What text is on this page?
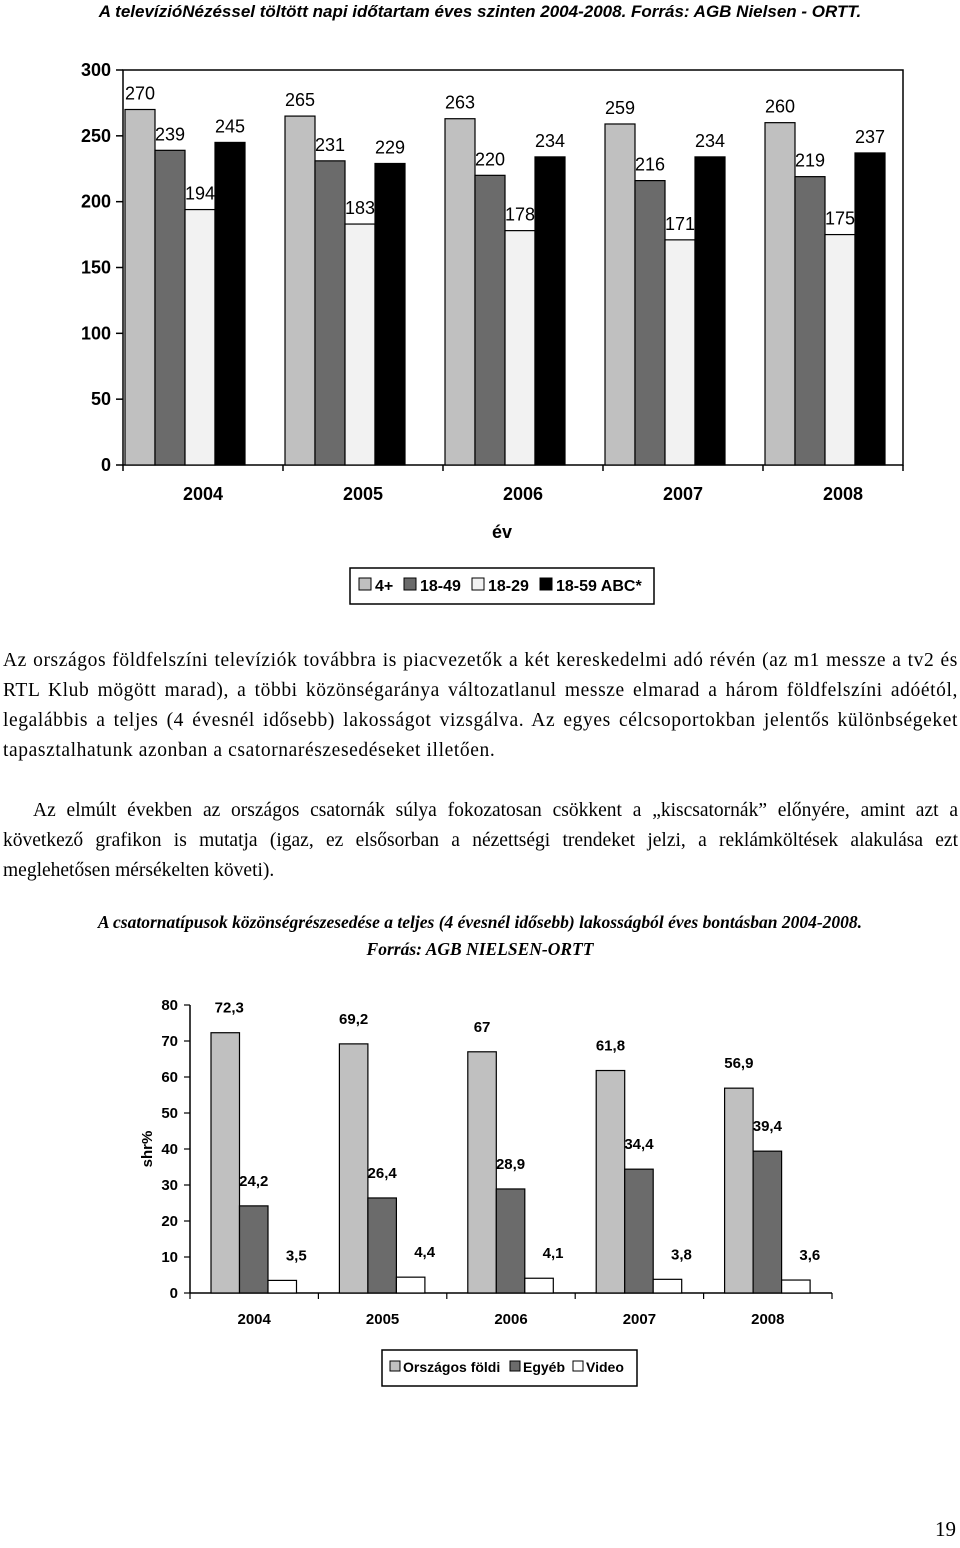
A televízióNézéssel töltött napi időtartam éves szinten 2004-2008. Forrás: AGB Nielsen - ORTT.
0
50
100
150
200
250
300
2004
270
239
194
245
2005
265
231
183
229
2006
263
220
178
234
2007
259
216
171
234
2008
260
219
175
237
év
4+ 18-49 18-29 18-59 ABC*
Az országos földfelszíni televíziók továbbra is piacvezetők a két kereskedelmi adó révén (az m1 messze a tv2 és RTL Klub mögött marad), a többi közönségaránya változatlanul messze elmarad a három földfelszíni adóétól, legalábbis a teljes (4 évesnél idősebb) lakosságot vizsgálva. Az egyes célcsoportokban jelentős különbségeket tapasztalhatunk azonban a csatornarészesedéseket illetően.
Az elmúlt években az országos csatornák súlya fokozatosan csökkent a „kiscsatornák” előnyére, amint azt a következő grafikon is mutatja (igaz, ez elsősorban a nézettségi trendeket jelzi, a reklámköltések alakulása ezt meglehetősen mérsékelten követi).
A csatornatípusok közönségrészesedése a teljes (4 évesnél idősebb) lakosságból éves bontásban 2004-2008.
Forrás: AGB NIELSEN-ORTT
0
10
20
30
40
50
60
70
80
shr%
2004
72,3
24,2
3,5
2005
69,2
26,4
4,4
2006
67
28,9
4,1
2007
61,8
34,4
3,8
2008
56,9
39,4
3,6
Országos földi Egyéb Video
19
